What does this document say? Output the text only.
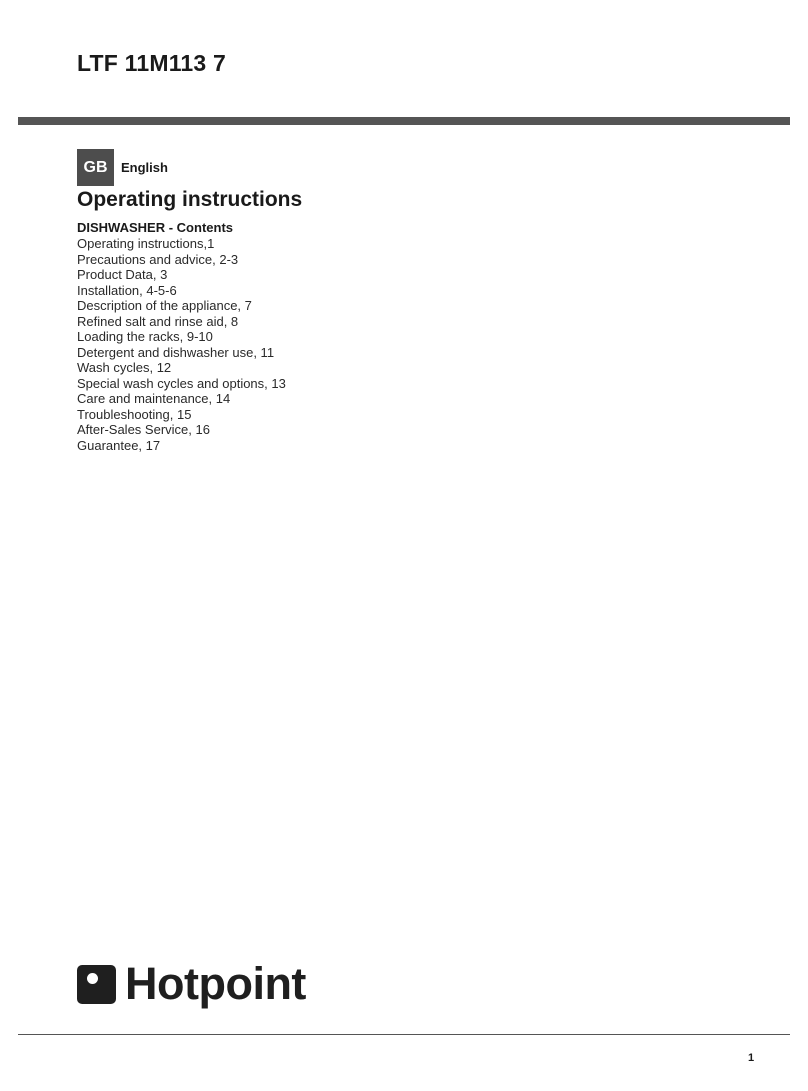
LTF 11M113 7
GB	English
Operating instructions
DISHWASHER - Contents
Operating instructions,1
Precautions and advice, 2-3
Product Data, 3
Installation, 4-5-6
Description of the appliance, 7
Refined salt and rinse aid, 8
Loading the racks, 9-10
Detergent and dishwasher use, 11
Wash cycles, 12
Special wash cycles and options, 13
Care and maintenance, 14
Troubleshooting, 15
After-Sales Service, 16
Guarantee, 17
Hotpoint
1
